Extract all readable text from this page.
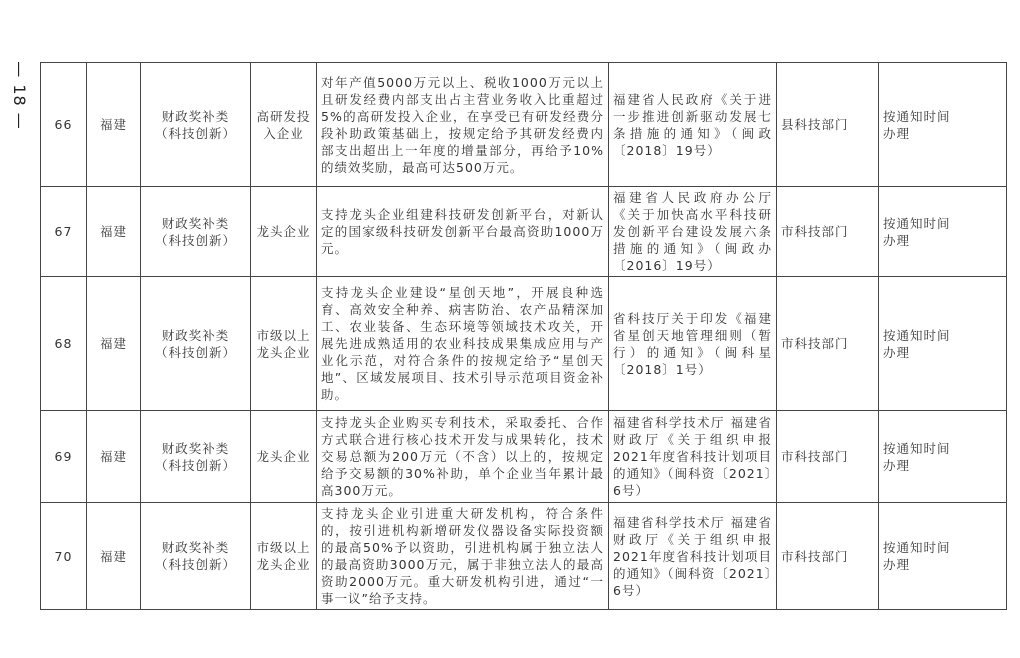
— 18 — 66	福建	财政奖补类
（科技创新）	高研发投
入企业	对年产值5000万元以上、税收1000万元以上且研发经费内部支出占主营业务收入比重超过5%的高研发投入企业，在享受已有研发经费分段补助政策基础上，按规定给予其研发经费内部支出超出上一年度的增量部分，再给予10%的绩效奖励，最高可达500万元。	福建省人民政府《关于进一步推进创新驱动发展七条措施的通知》（闽政〔2018〕19号）	县科技部门	按通知时间
办理

67	福建	财政奖补类
（科技创新）	龙头企业	支持龙头企业组建科技研发创新平台，对新认定的国家级科技研发创新平台最高资助1000万元。	福建省人民政府办公厅《关于加快高水平科技研发创新平台建设发展六条措施的通知》（闽政办〔2016〕19号）	市科技部门	按通知时间
办理

68	福建	财政奖补类
（科技创新）	市级以上
龙头企业	支持龙头企业建设“星创天地”，开展良种选育、高效安全种养、病害防治、农产品精深加工、农业装备、生态环境等领域技术攻关，开展先进成熟适用的农业科技成果集成应用与产业化示范，对符合条件的按规定给予“星创天地”、区域发展项目、技术引导示范项目资金补助。	省科技厅关于印发《福建省星创天地管理细则（暂行）的通知》（闽科星〔2018〕1号）	市科技部门	按通知时间
办理

69	福建	财政奖补类
（科技创新）	龙头企业	支持龙头企业购买专利技术，采取委托、合作方式联合进行核心技术开发与成果转化，技术交易总额为200万元（不含）以上的，按规定给予交易额的30%补助，单个企业当年累计最高300万元。	福建省科学技术厅 福建省财政厅《关于组织申报2021年度省科技计划项目的通知》（闽科资〔2021〕6号）	市科技部门	按通知时间
办理

70	福建	财政奖补类
（科技创新）	市级以上
龙头企业	支持龙头企业引进重大研发机构，符合条件的，按引进机构新增研发仪器设备实际投资额的最高50%予以资助，引进机构属于独立法人的最高资助3000万元，属于非独立法人的最高资助2000万元。重大研发机构引进，通过“一事一议”给予支持。	福建省科学技术厅 福建省财政厅《关于组织申报2021年度省科技计划项目的通知》（闽科资〔2021〕6号）	市科技部门	按通知时间
办理
